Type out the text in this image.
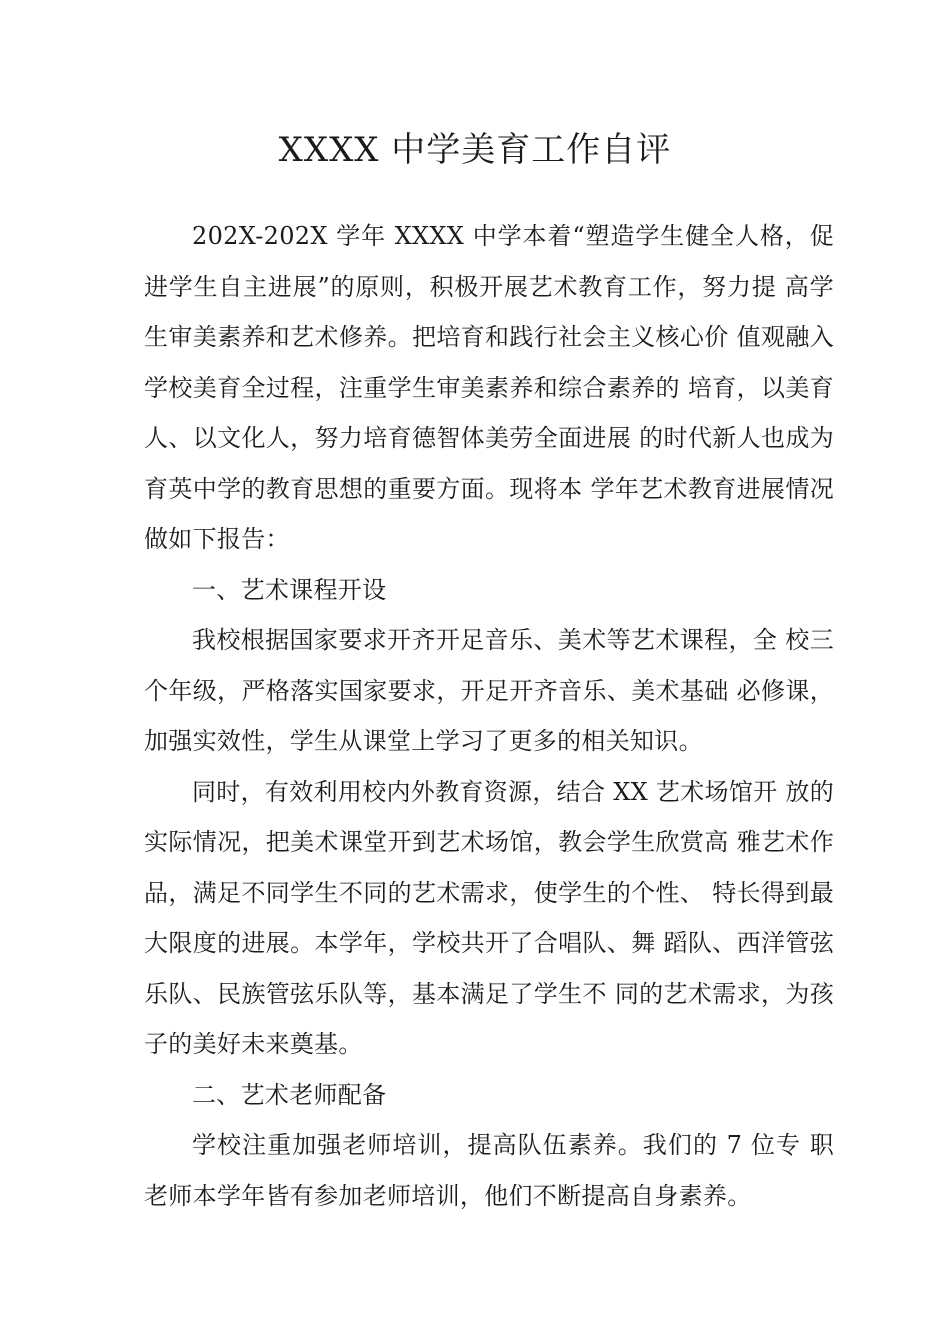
XXXX 中学美育工作自评

202X-202X 学年 XXXX 中学本着“塑造学生健全人格，促 进学生自主进展”的原则，积极开展艺术教育工作，努力提 高学生审美素养和艺术修养。把培育和践行社会主义核心价 值观融入学校美育全过程，注重学生审美素养和综合素养的 培育，以美育人、以文化人，努力培育德智体美劳全面进展 的时代新人也成为育英中学的教育思想的重要方面。现将本 学年艺术教育进展情况做如下报告：

一、艺术课程开设

我校根据国家要求开齐开足音乐、美术等艺术课程，全 校三个年级，严格落实国家要求，开足开齐音乐、美术基础 必修课，加强实效性，学生从课堂上学习了更多的相关知识。

同时，有效利用校内外教育资源，结合 XX 艺术场馆开 放的实际情况，把美术课堂开到艺术场馆，教会学生欣赏高 雅艺术作品，满足不同学生不同的艺术需求，使学生的个性、 特长得到最大限度的进展。本学年，学校共开了合唱队、舞 蹈队、西洋管弦乐队、民族管弦乐队等，基本满足了学生不 同的艺术需求，为孩子的美好未来奠基。

二、艺术老师配备

学校注重加强老师培训，提高队伍素养。我们的 7 位专 职老师本学年皆有参加老师培训，他们不断提高自身素养。
